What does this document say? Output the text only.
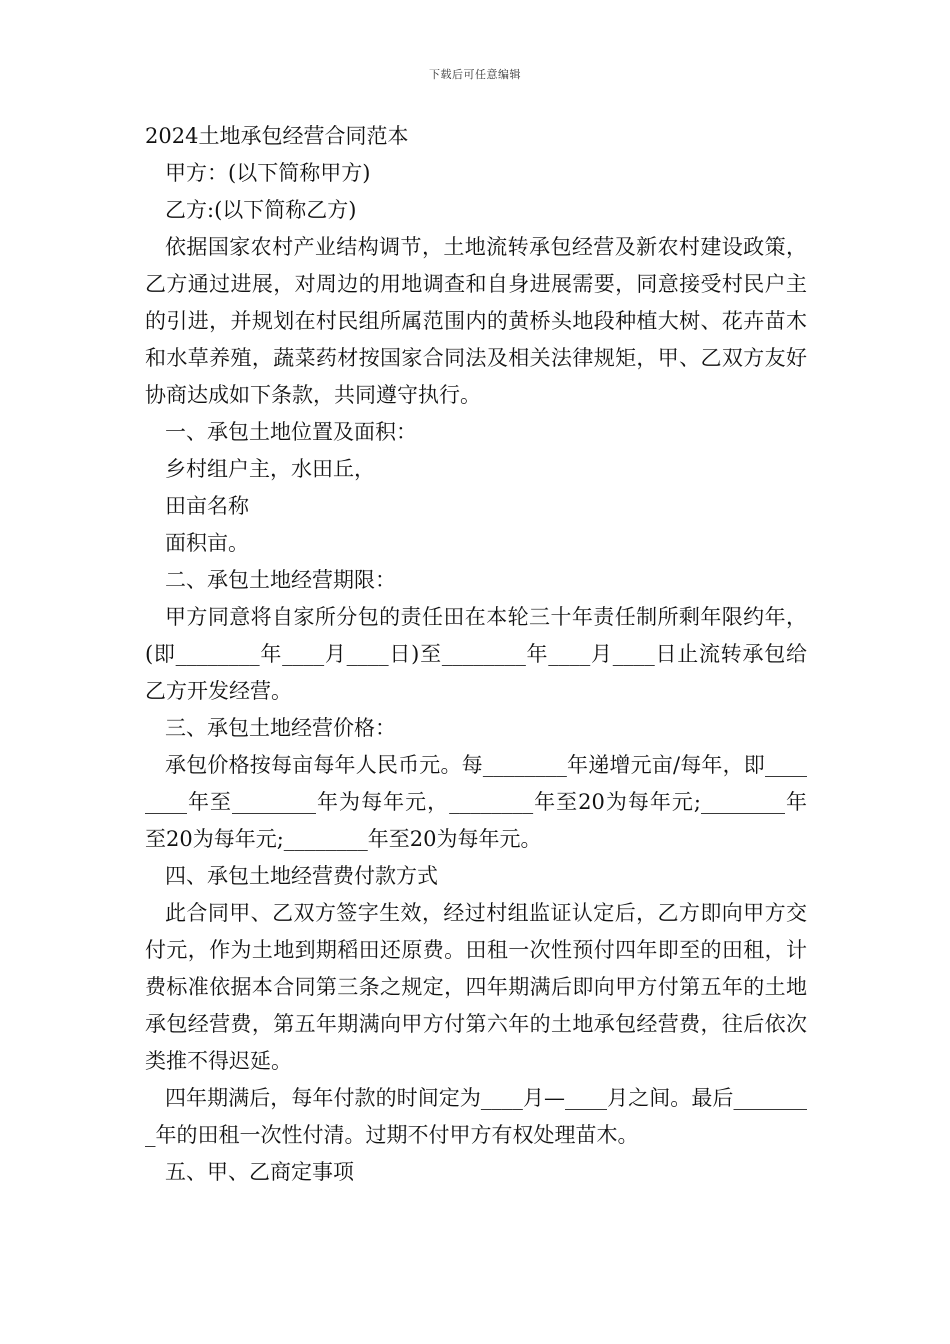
下载后可任意编辑
2024土地承包经营合同范本
甲方：(以下简称甲方)
乙方:(以下简称乙方)
依据国家农村产业结构调节，土地流转承包经营及新农村建设政策，乙方通过进展，对周边的用地调查和自身进展需要，同意接受村民户主的引进，并规划在村民组所属范围内的黄桥头地段种植大树、花卉苗木和水草养殖，蔬菜药材按国家合同法及相关法律规矩，甲、乙双方友好协商达成如下条款，共同遵守执行。
一、承包土地位置及面积：
乡村组户主，水田丘，
田亩名称
面积亩。
二、承包土地经营期限：
甲方同意将自家所分包的责任田在本轮三十年责任制所剩年限约年，(即________年____月____日)至________年____月____日止流转承包给乙方开发经营。
三、承包土地经营价格：
承包价格按每亩每年人民币元。每________年递增元亩/每年，即________年至________年为每年元，________年至20为每年元;________年至20为每年元;________年至20为每年元。
四、承包土地经营费付款方式
此合同甲、乙双方签字生效，经过村组监证认定后，乙方即向甲方交付元，作为土地到期稻田还原费。田租一次性预付四年即至的田租，计费标准依据本合同第三条之规定，四年期满后即向甲方付第五年的土地承包经营费，第五年期满向甲方付第六年的土地承包经营费，往后依次类推不得迟延。
四年期满后，每年付款的时间定为____月—____月之间。最后________年的田租一次性付清。过期不付甲方有权处理苗木。
五、甲、乙商定事项
